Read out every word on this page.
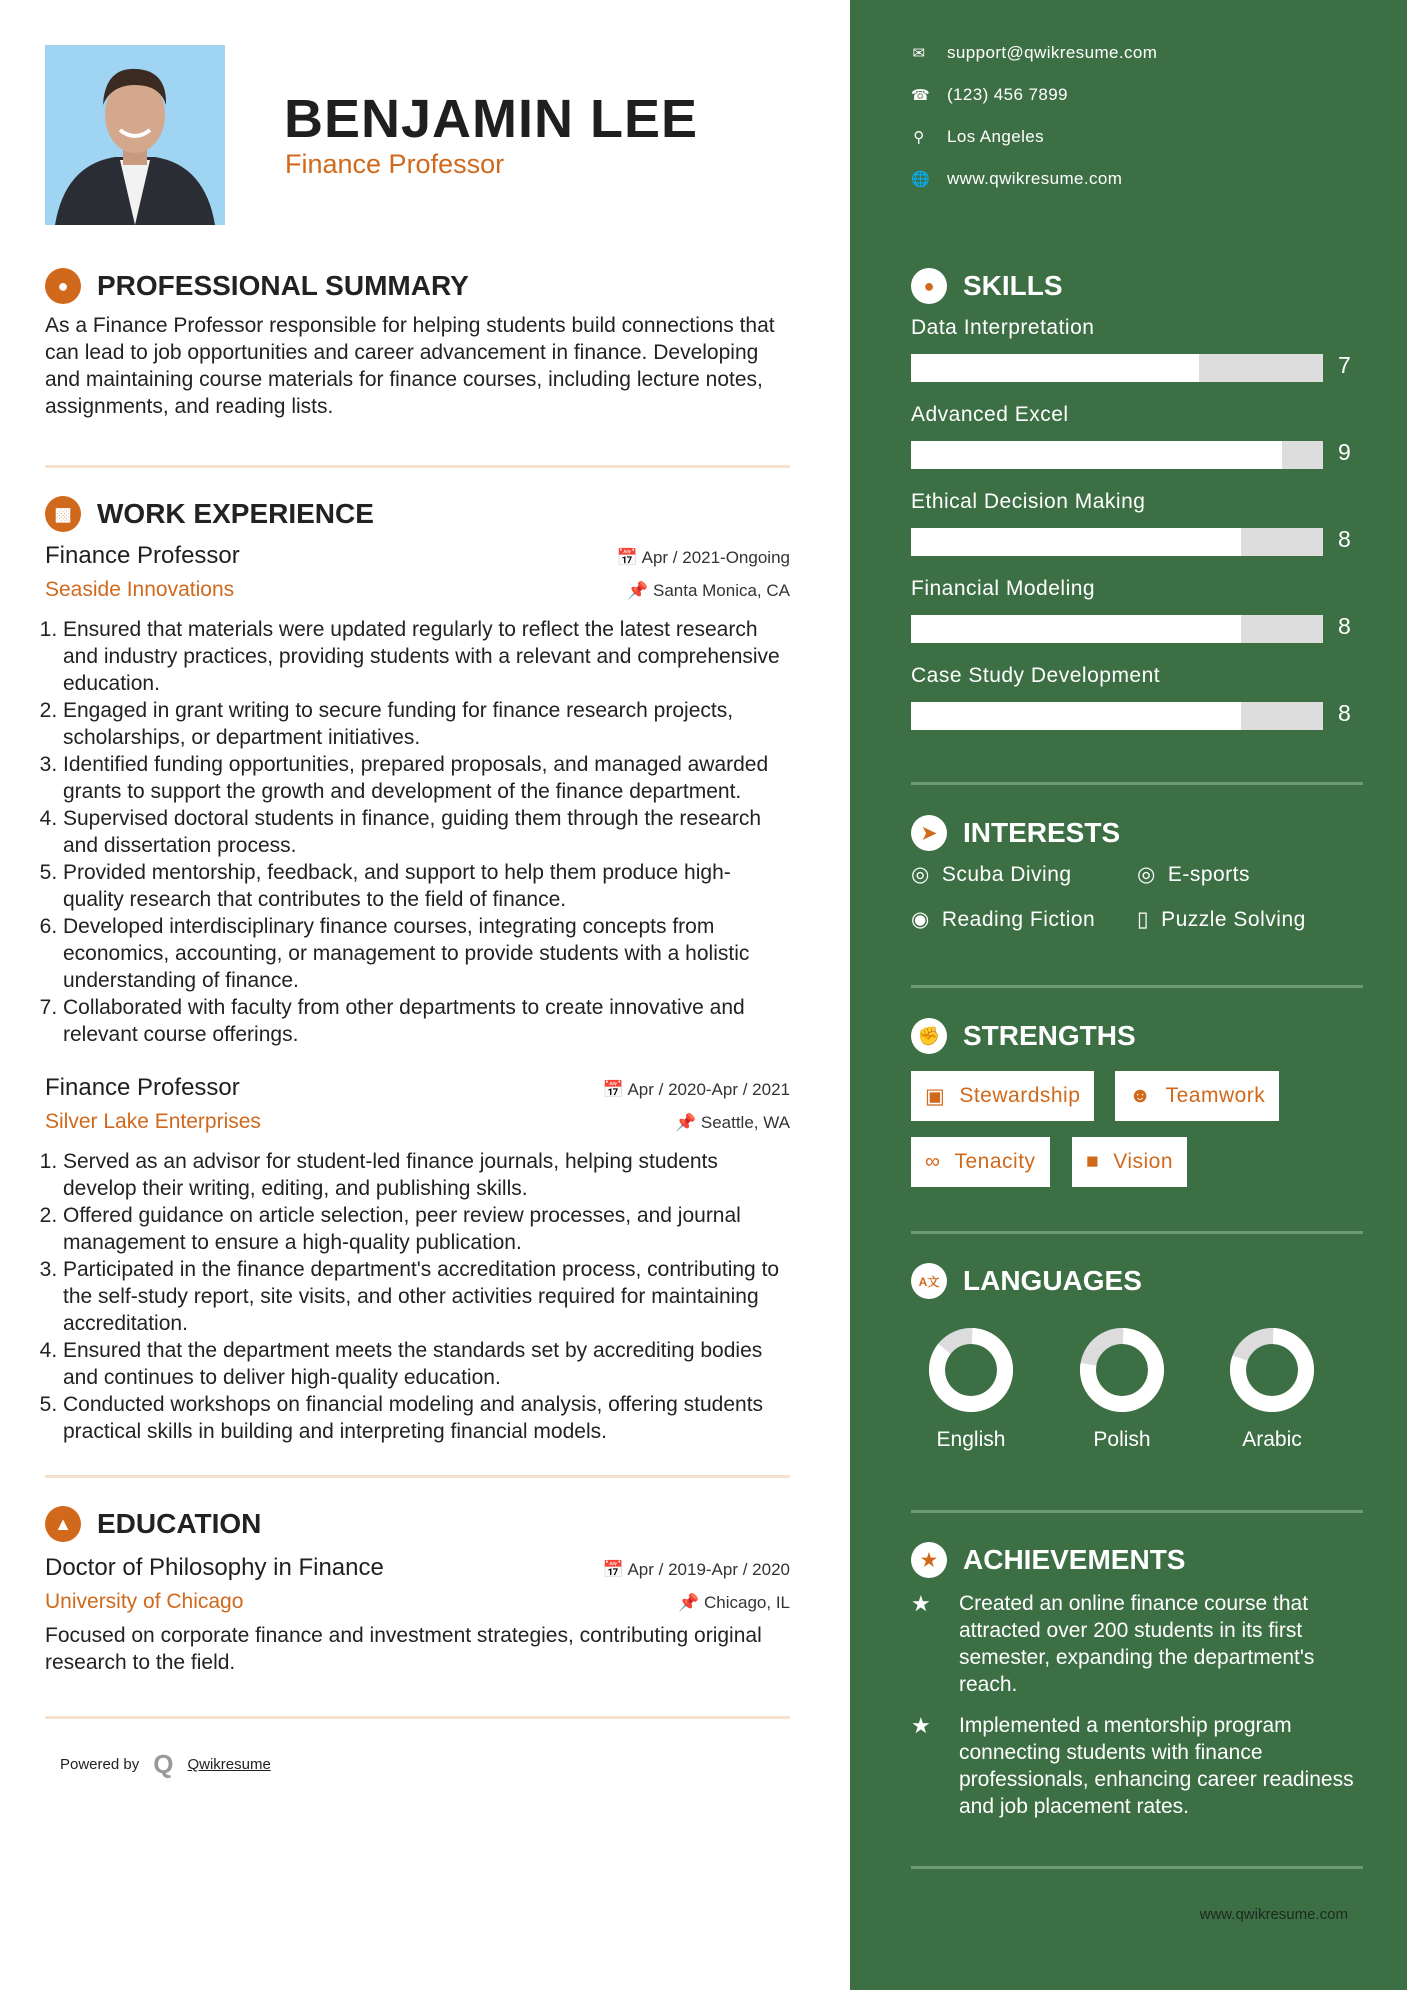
BENJAMIN LEE
Finance Professor
●	PROFESSIONAL SUMMARY

As a Finance Professor responsible for helping students build connections that can lead to job opportunities and career advancement in finance. Developing and maintaining course materials for finance courses, including lecture notes, assignments, and reading lists.

▩ WORK EXPERIENCE
Finance Professor	📅 Apr / 2021-Ongoing
Seaside Innovations	📌 Santa Monica, CA
1. Ensured that materials were updated regularly to reflect the latest research and industry practices, providing students with a relevant and comprehensive education.
2. Engaged in grant writing to secure funding for finance research projects, scholarships, or department initiatives.
3. Identified funding opportunities, prepared proposals, and managed awarded grants to support the growth and development of the finance department.
4. Supervised doctoral students in finance, guiding them through the research and dissertation process.
5. Provided mentorship, feedback, and support to help them produce high-quality research that contributes to the field of finance.
6. Developed interdisciplinary finance courses, integrating concepts from economics, accounting, or management to provide students with a holistic understanding of finance.
7. Collaborated with faculty from other departments to create innovative and relevant course offerings.
Finance Professor	📅 Apr / 2020-Apr / 2021
Silver Lake Enterprises	📌 Seattle, WA
1. Served as an advisor for student-led finance journals, helping students develop their writing, editing, and publishing skills.
2. Offered guidance on article selection, peer review processes, and journal management to ensure a high-quality publication.
3. Participated in the finance department's accreditation process, contributing to the self-study report, site visits, and other activities required for maintaining accreditation.
4. Ensured that the department meets the standards set by accrediting bodies and continues to deliver high-quality education.
5. Conducted workshops on financial modeling and analysis, offering students practical skills in building and interpreting financial models.
▲ EDUCATION
Doctor of Philosophy in Finance	📅 Apr / 2019-Apr / 2020
University of Chicago	📌 Chicago, IL

Focused on corporate finance and investment strategies, contributing original research to the field.

Powered by Q Qwikresume
✉ support@qwikresume.com
☎ (123) 456 7899
⚲ Los Angeles
🌐 www.qwikresume.com
●	SKILLS
Data Interpretation
7
Advanced Excel
9
Ethical Decision Making
8
Financial Modeling
8
Case Study Development
8
➤ INTERESTS
◎ Scuba Diving	◎ E-sports
◉ Reading Fiction ▯ Puzzle Solving
✊ STRENGTHS
▣ Stewardship ☻ Teamwork
∞ Tenacity ■ Vision
A文 LANGUAGES
English	Polish	Arabic
★ ACHIEVEMENTS
★	Created an online finance course that attracted over 200 students in its first semester, expanding the department's reach.
★	Implemented a mentorship program connecting students with finance professionals, enhancing career readiness and job placement rates.
www.qwikresume.com
